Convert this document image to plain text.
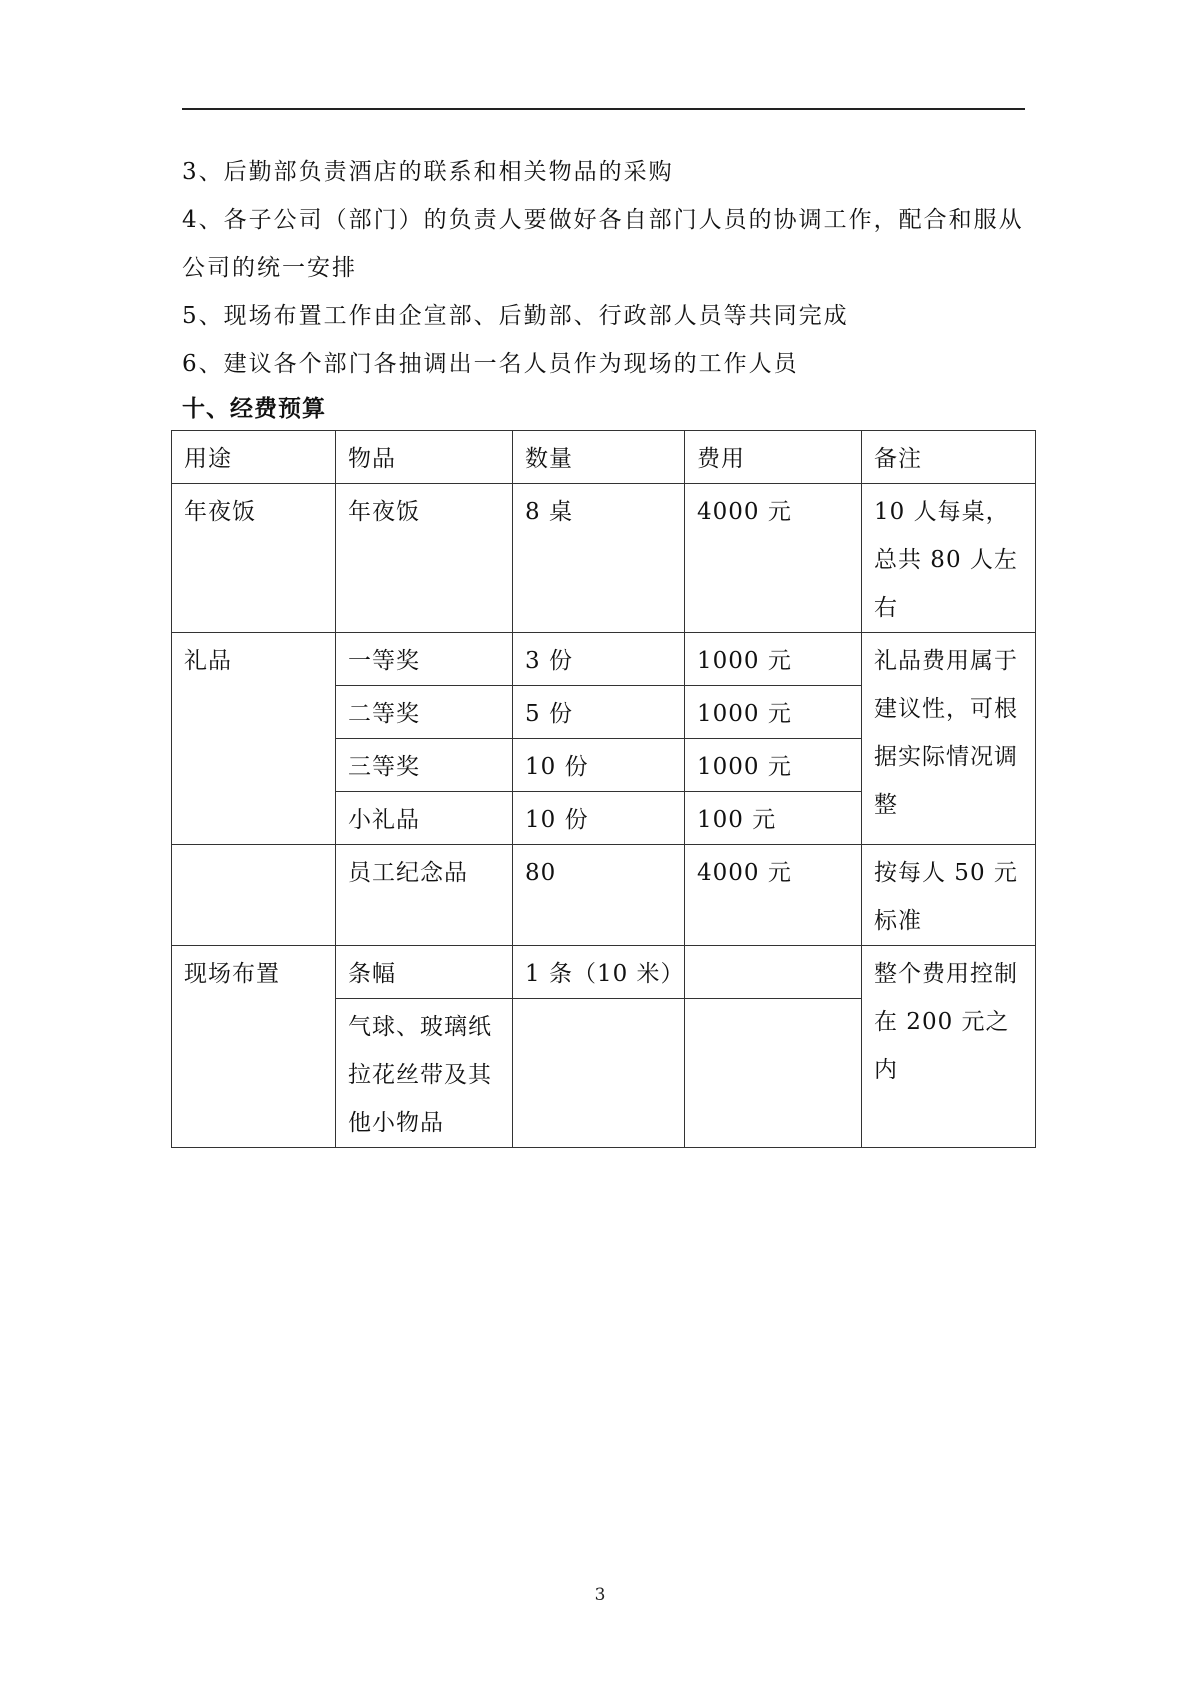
3、后勤部负责酒店的联系和相关物品的采购

4、各子公司（部门）的负责人要做好各自部门人员的协调工作，配合和服从公司的统一安排

5、现场布置工作由企宣部、后勤部、行政部人员等共同完成

6、建议各个部门各抽调出一名人员作为现场的工作人员

十、经费预算
用途	物品	数量	费用	备注
年夜饭	年夜饭	8 桌	4000 元	10 人每桌，总共 80 人左右
礼品	一等奖	3 份	1000 元	礼品费用属于建议性，可根据实际情况调整
	二等奖	5 份	1000 元	
	三等奖	10 份	1000 元	
	小礼品	10 份	100 元	
	员工纪念品	80	4000 元	按每人 50 元标准
现场布置	条幅	1 条（10 米）		整个费用控制在 200 元之内
	气球、玻璃纸拉花丝带及其他小物品			
3
